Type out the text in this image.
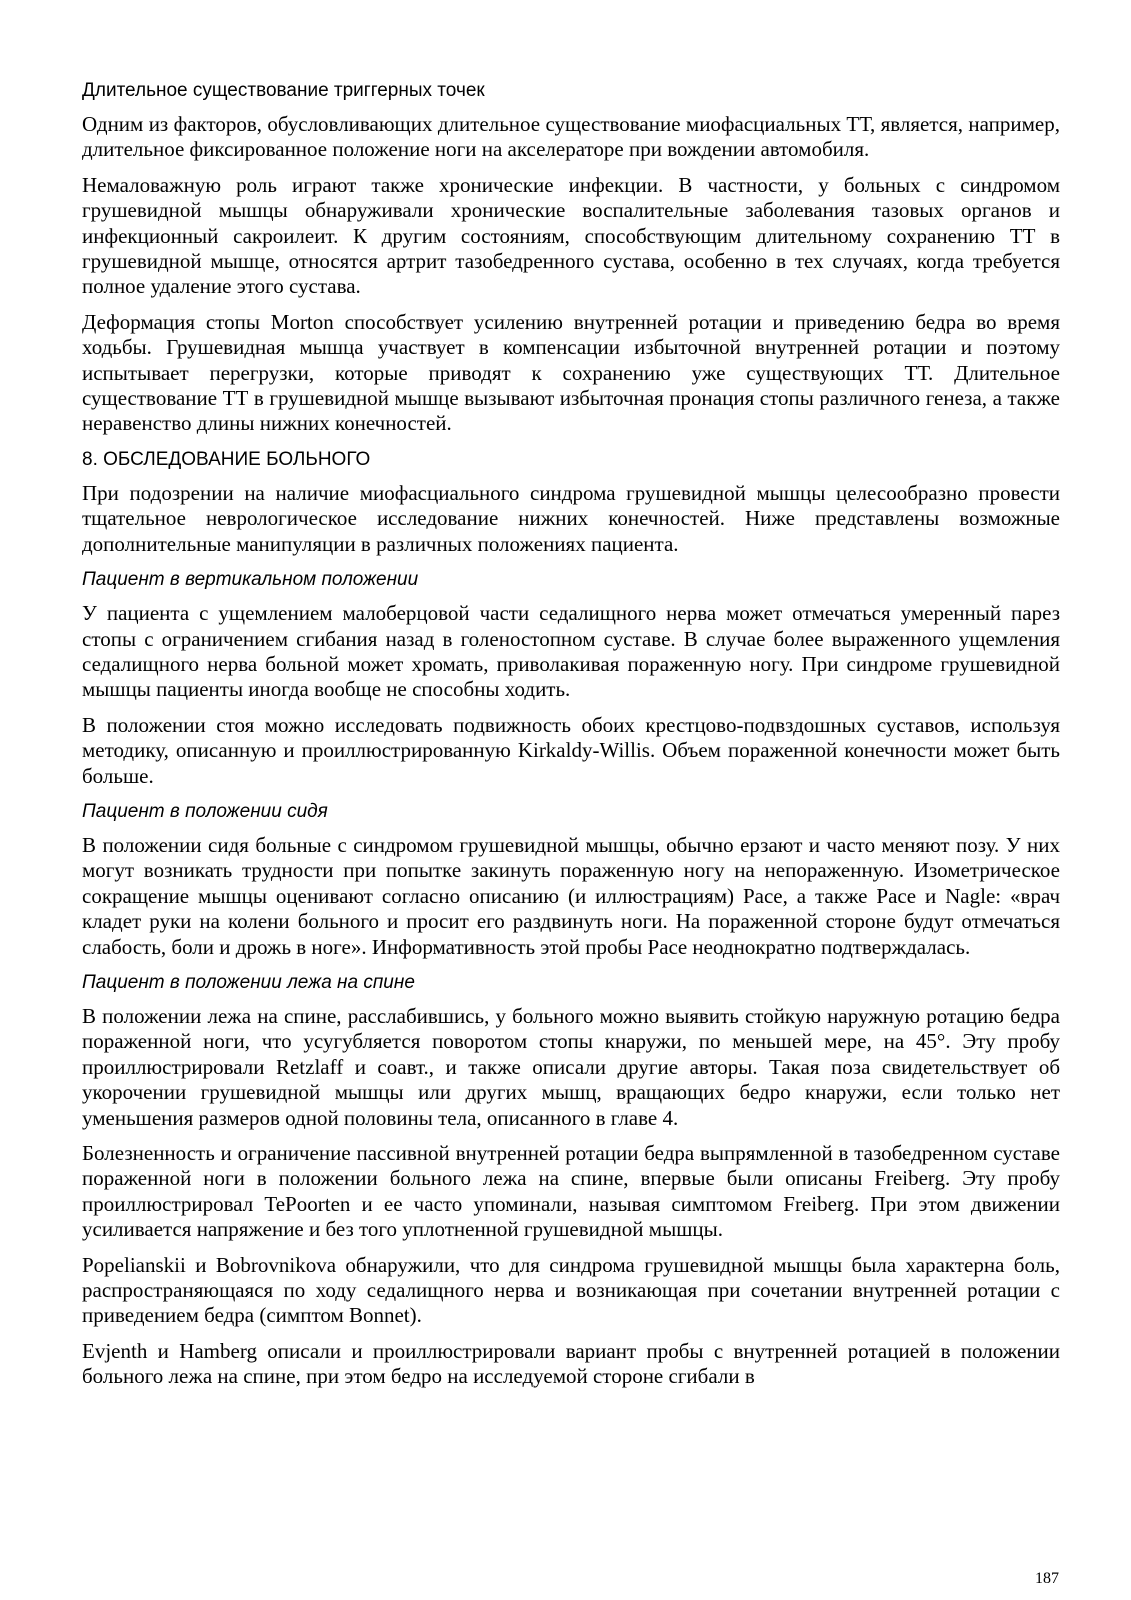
Длительное существование триггерных точек

Одним из факторов, обусловливающих длительное существование миофасциальных ТТ, является, например, длительное фиксированное положение ноги на акселераторе при вождении автомобиля.

Немаловажную роль играют также хронические инфекции. В частности, у больных с синдромом грушевидной мышцы обнаруживали хронические воспалительные заболевания тазовых органов и инфекционный сакроилеит. К другим состояниям, способствующим длительному сохранению ТТ в грушевидной мышце, относятся артрит тазобедренного сустава, особенно в тех случаях, когда требуется полное удаление этого сустава.

Деформация стопы Morton способствует усилению внутренней ротации и приведению бедра во время ходьбы. Грушевидная мышца участвует в компенсации избыточной внутренней ротации и поэтому испытывает перегрузки, которые приводят к сохранению уже существующих ТТ. Длительное существование ТТ в грушевидной мышце вызывают избыточная пронация стопы различного генеза, а также неравенство длины нижних конечностей.

8. ОБСЛЕДОВАНИЕ БОЛЬНОГО

При подозрении на наличие миофасциального синдрома грушевидной мышцы целесообразно провести тщательное неврологическое исследование нижних конечностей. Ниже представлены возможные дополнительные манипуляции в различных положениях пациента.

Пациент в вертикальном положении

У пациента с ущемлением малоберцовой части седалищного нерва может отмечаться умеренный парез стопы с ограничением сгибания назад в голеностопном суставе. В случае более выраженного ущемления седалищного нерва больной может хромать, приволакивая пораженную ногу. При синдроме грушевидной мышцы пациенты иногда вообще не способны ходить.

В положении стоя можно исследовать подвижность обоих крестцово-подвздошных суставов, используя методику, описанную и проиллюстрированную Kirkaldy-Willis. Объем пораженной конечности может быть больше.

Пациент в положении сидя

В положении сидя больные с синдромом грушевидной мышцы, обычно ерзают и часто меняют позу. У них могут возникать трудности при попытке закинуть пораженную ногу на непораженную. Изометрическое сокращение мышцы оценивают согласно описанию (и иллюстрациям) Pace, а также Pace и Nagle: «врач кладет руки на колени больного и просит его раздвинуть ноги. На пораженной стороне будут отмечаться слабость, боли и дрожь в ноге». Информативность этой пробы Pace неоднократно подтверждалась.

Пациент в положении лежа на спине

В положении лежа на спине, расслабившись, у больного можно выявить стойкую наружную ротацию бедра пораженной ноги, что усугубляется поворотом стопы кнаружи, по меньшей мере, на 45°. Эту пробу проиллюстрировали Retzlaff и соавт., и также описали другие авторы. Такая поза свидетельствует об укорочении грушевидной мышцы или других мышц, вращающих бедро кнаружи, если только нет уменьшения размеров одной половины тела, описанного в главе 4.

Болезненность и ограничение пассивной внутренней ротации бедра выпрямленной в тазобедренном суставе пораженной ноги в положении больного лежа на спине, впервые были описаны Freiberg. Эту пробу проиллюстрировал TePoorten и ее часто упоминали, называя симптомом Freiberg. При этом движении усиливается напряжение и без того уплотненной грушевидной мышцы.

Popelianskii и Bobrovnikova обнаружили, что для синдрома грушевидной мышцы была характерна боль, распространяющаяся по ходу седалищного нерва и возникающая при сочетании внутренней ротации с приведением бедра (симптом Bonnet).

Evjenth и Hamberg описали и проиллюстрировали вариант пробы с внутренней ротацией в положении больного лежа на спине, при этом бедро на исследуемой стороне сгибали в

187
